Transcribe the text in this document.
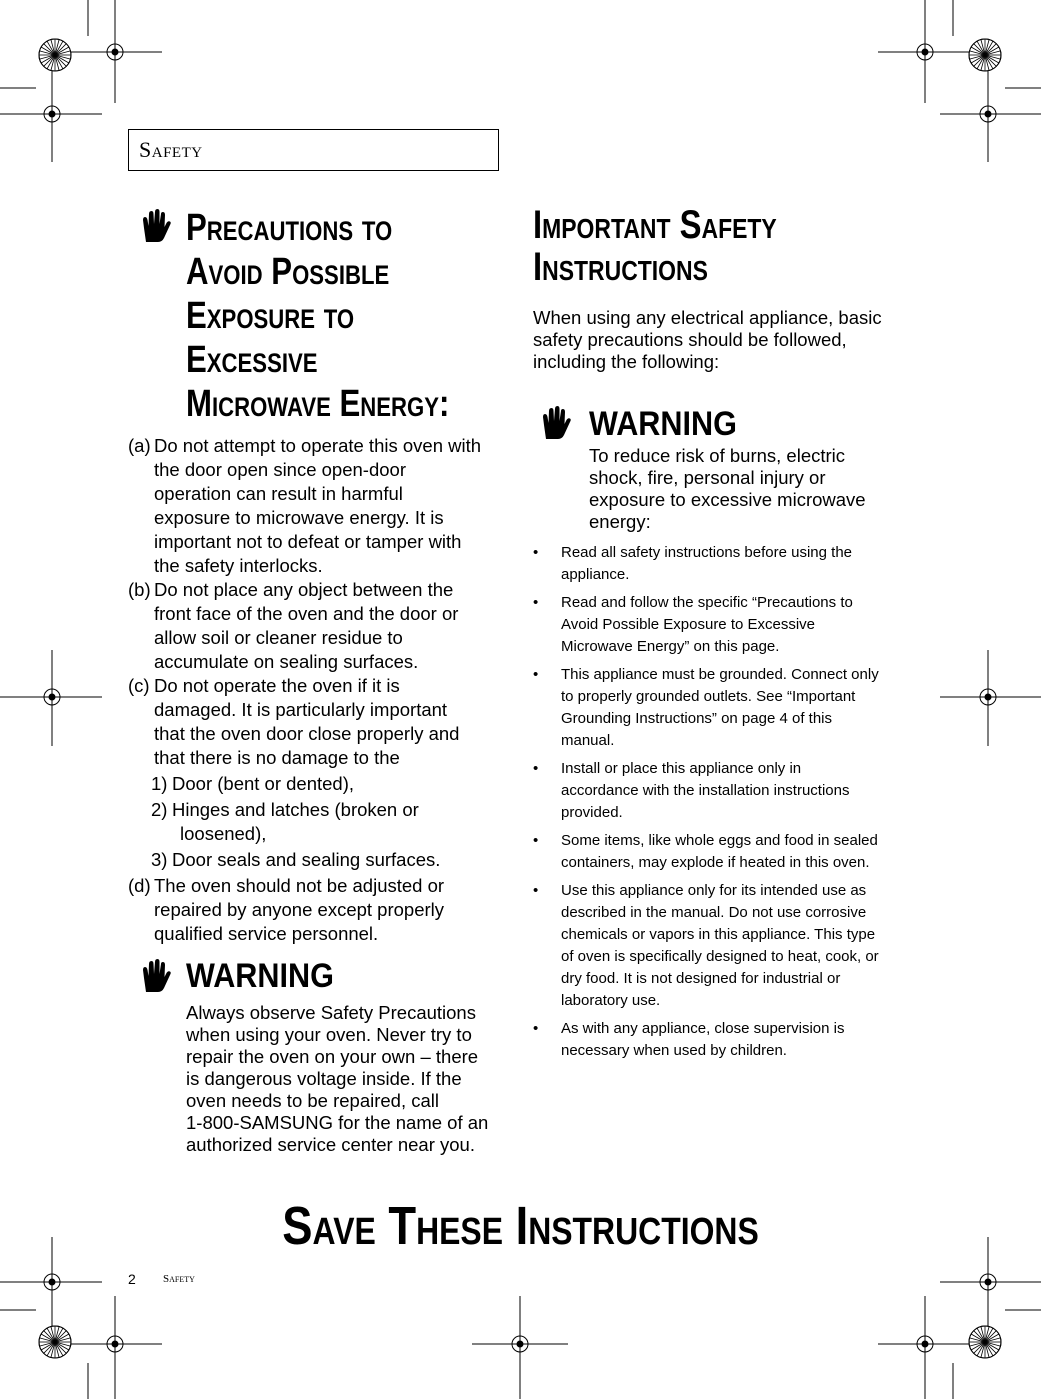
Safety
Precautions to
Avoid Possible
Exposure to
Excessive
Microwave Energy:
(a) Do not attempt to operate this oven with
the door open since open-door
operation can result in harmful
exposure to microwave energy. It is
important not to defeat or tamper with
the safety interlocks.
(b) Do not place any object between the
front face of the oven and the door or
allow soil or cleaner residue to
accumulate on sealing surfaces.
(c) Do not operate the oven if it is
damaged. It is particularly important
that the oven door close properly and
that there is no damage to the
1) Door (bent or dented),
2) Hinges and latches (broken or
loosened),
3) Door seals and sealing surfaces.
(d) The oven should not be adjusted or
repaired by anyone except properly
qualified service personnel.
WARNING
Always observe Safety Precautions
when using your oven. Never try to
repair the oven on your own – there
is dangerous voltage inside. If the
oven needs to be repaired, call
1-800-SAMSUNG for the name of an
authorized service center near you.
Important Safety
Instructions
When using any electrical appliance, basic
safety precautions should be followed,
including the following:
WARNING
To reduce risk of burns, electric
shock, fire, personal injury or
exposure to excessive microwave
energy:
• Read all safety instructions before using the
appliance.
• Read and follow the specific “Precautions to
Avoid Possible Exposure to Excessive
Microwave Energy” on this page.
• This appliance must be grounded. Connect only
to properly grounded outlets. See “Important
Grounding Instructions” on page 4 of this
manual.
• Install or place this appliance only in
accordance with the installation instructions
provided.
• Some items, like whole eggs and food in sealed
containers, may explode if heated in this oven.
• Use this appliance only for its intended use as
described in the manual. Do not use corrosive
chemicals or vapors in this appliance. This type
of oven is specifically designed to heat, cook, or
dry food. It is not designed for industrial or
laboratory use.
• As with any appliance, close supervision is
necessary when used by children.
Save These Instructions
2 Safety
